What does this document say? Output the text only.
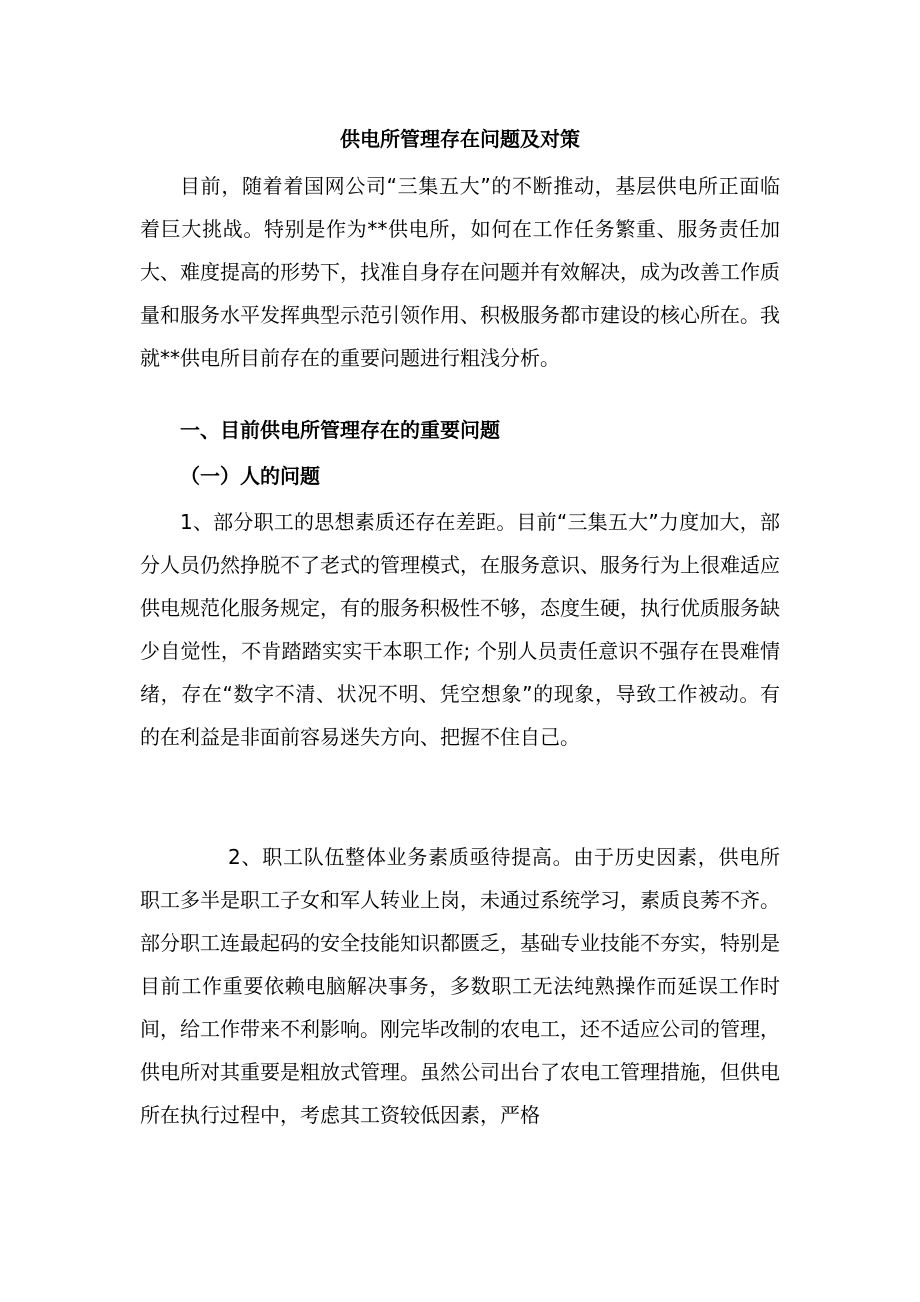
供电所管理存在问题及对策
目前，随着着国网公司“三集五大”的不断推动，基层供电所正面临着巨大挑战。特别是作为**供电所，如何在工作任务繁重、服务责任加大、难度提高的形势下，找准自身存在问题并有效解决，成为改善工作质量和服务水平发挥典型示范引领作用、积极服务都市建设的核心所在。我就**供电所目前存在的重要问题进行粗浅分析。
一、目前供电所管理存在的重要问题
（一）人的问题
1、部分职工的思想素质还存在差距。目前“三集五大”力度加大，部分人员仍然挣脱不了老式的管理模式，在服务意识、服务行为上很难适应供电规范化服务规定，有的服务积极性不够，态度生硬，执行优质服务缺少自觉性，不肯踏踏实实干本职工作; 个别人员责任意识不强存在畏难情绪，存在“数字不清、状况不明、凭空想象”的现象，导致工作被动。有的在利益是非面前容易迷失方向、把握不住自己。
2、职工队伍整体业务素质亟待提高。由于历史因素，供电所职工多半是职工子女和军人转业上岗，未通过系统学习，素质良莠不齐。部分职工连最起码的安全技能知识都匮乏，基础专业技能不夯实，特别是目前工作重要依赖电脑解决事务，多数职工无法纯熟操作而延误工作时间，给工作带来不利影响。刚完毕改制的农电工，还不适应公司的管理，供电所对其重要是粗放式管理。虽然公司出台了农电工管理措施，但供电所在执行过程中，考虑其工资较低因素，严格
